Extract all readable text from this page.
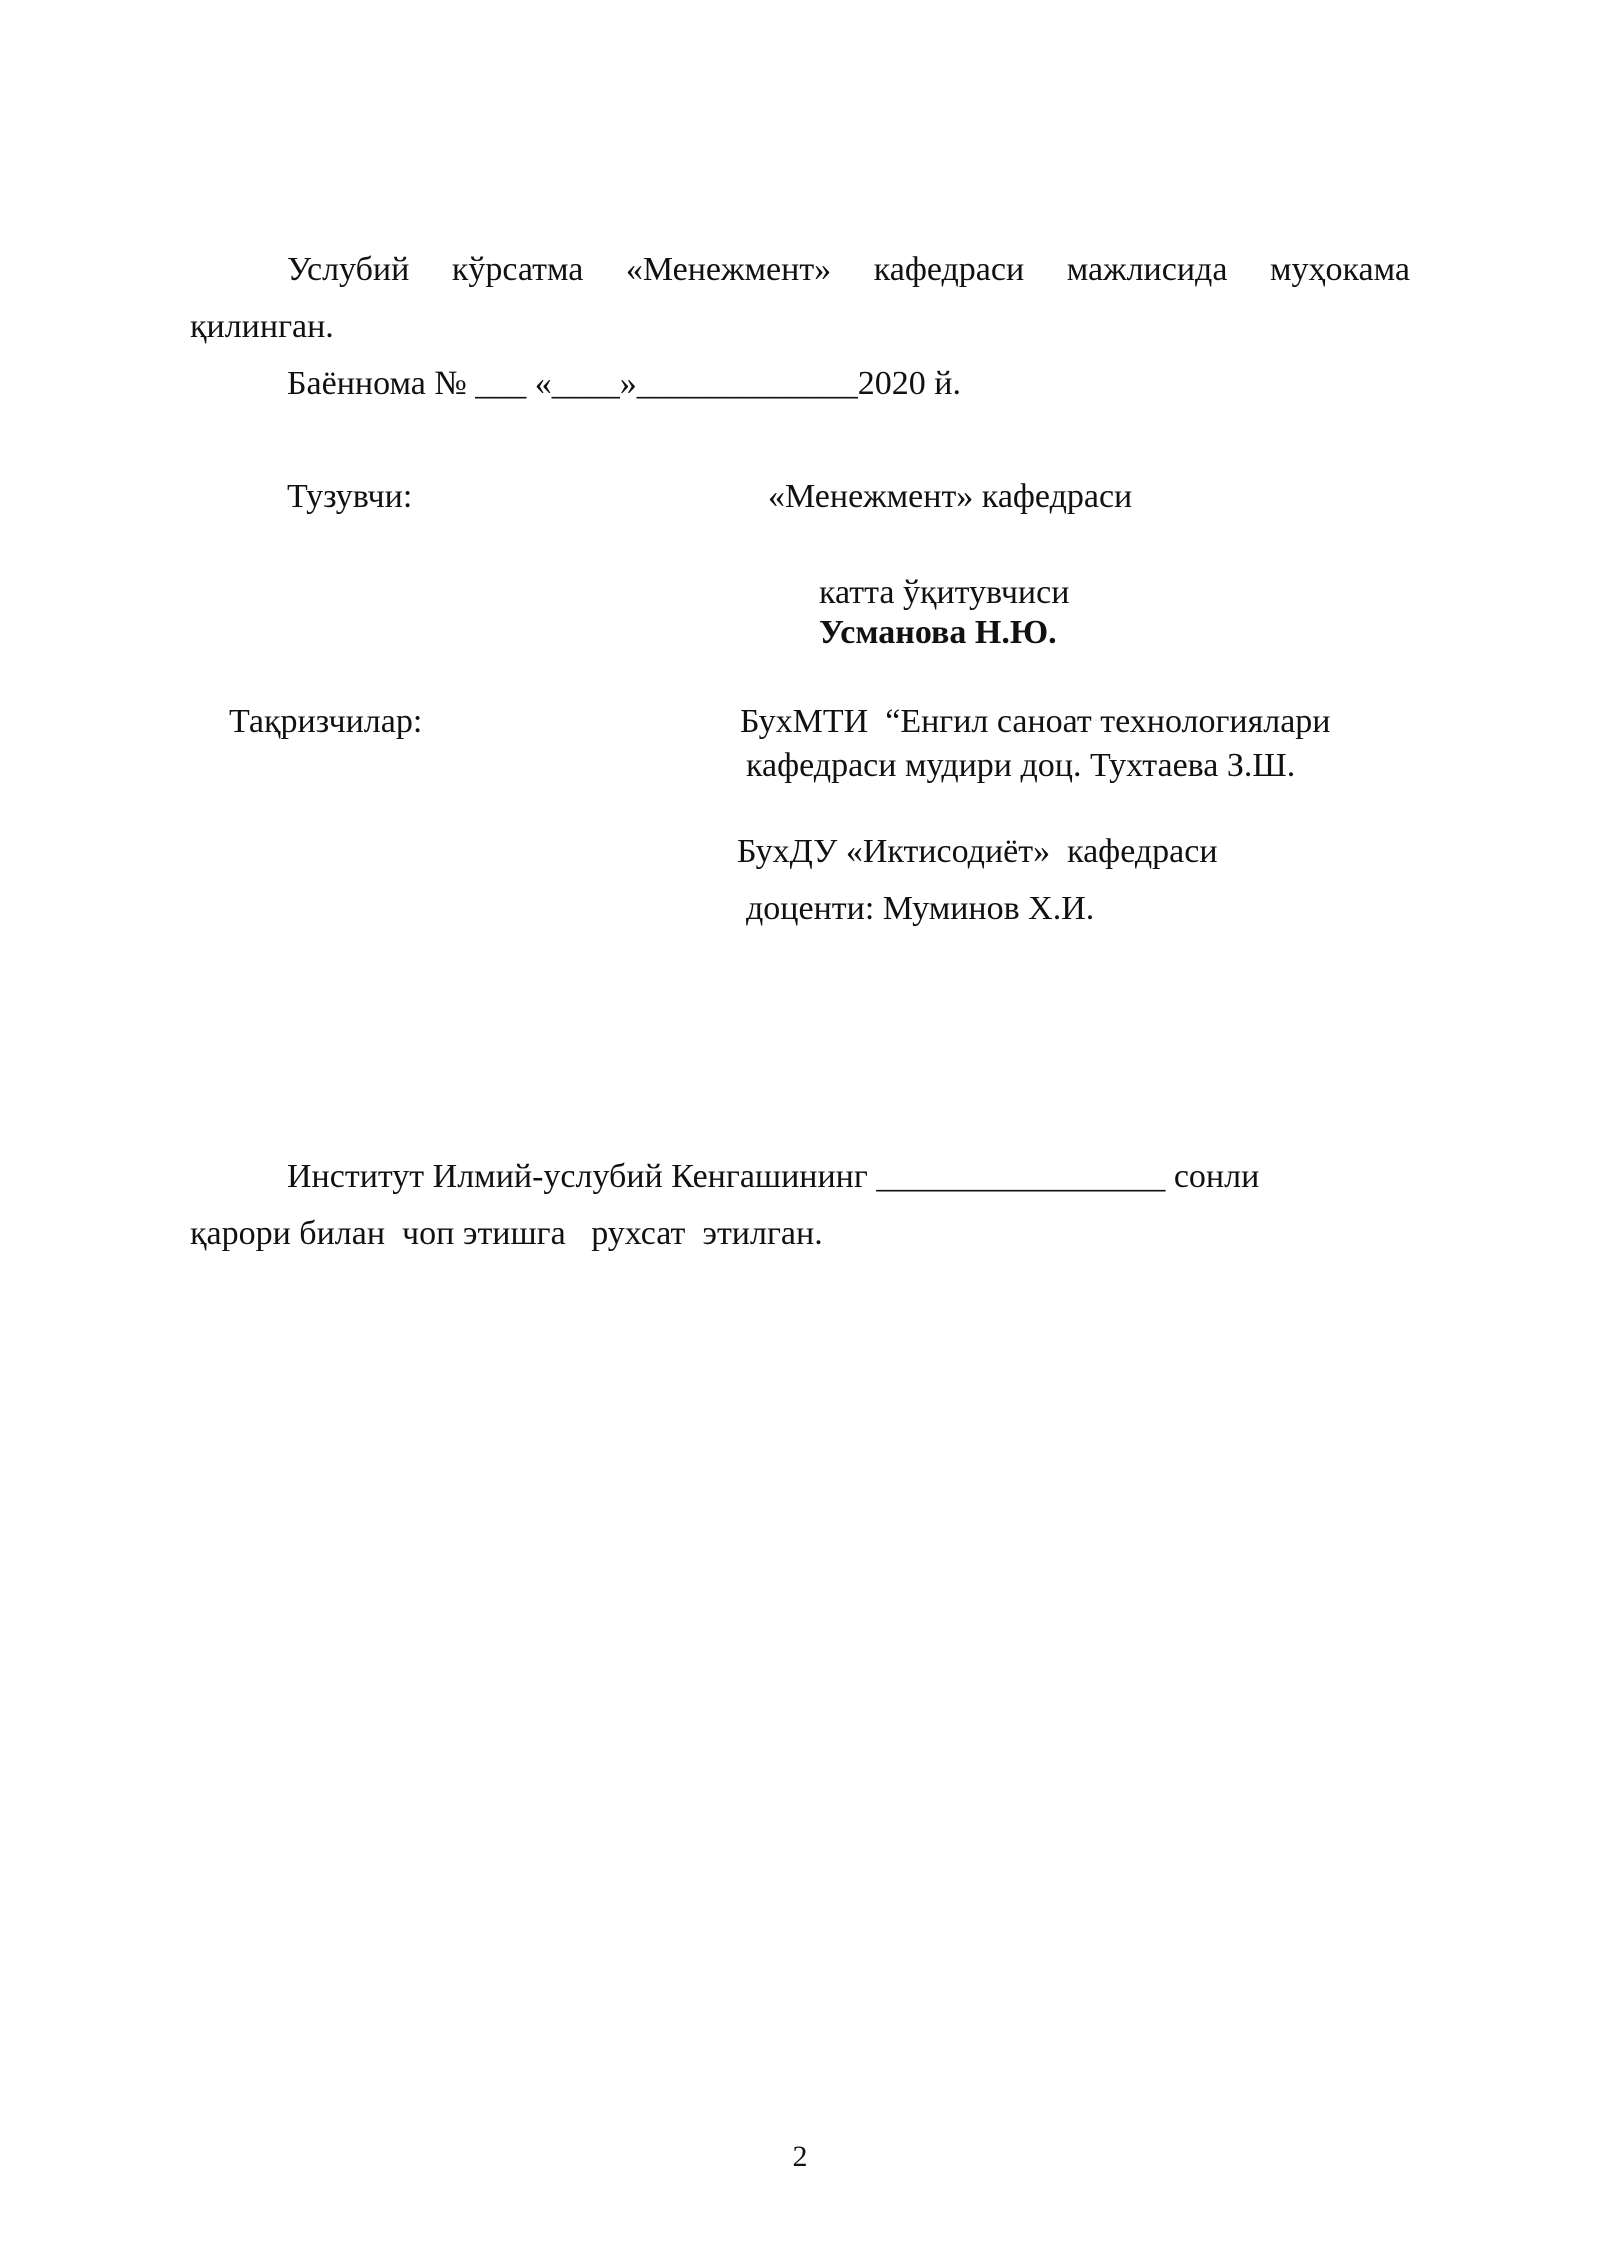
Услубий кўрсатма «Менежмент» кафедраси мажлисида муҳокама
қилинган.
Баённома № ___ «____»_____________2020 й.
Тузувчи:	«Менежмент» кафедраси

катта ўқитувчиси
Усманова Н.Ю.

Тақризчилар:	БухМТИ  “Енгил саноат технологиялари
кафедраси мудири доц. Тухтаева З.Ш.
БухДУ «Иктисодиёт»  кафедраси
доценти: Муминов Х.И.
Институт Илмий-услубий Кенгашининг _________________ сонли
қарори билан  чоп этишга   рухсат  этилган.
2
